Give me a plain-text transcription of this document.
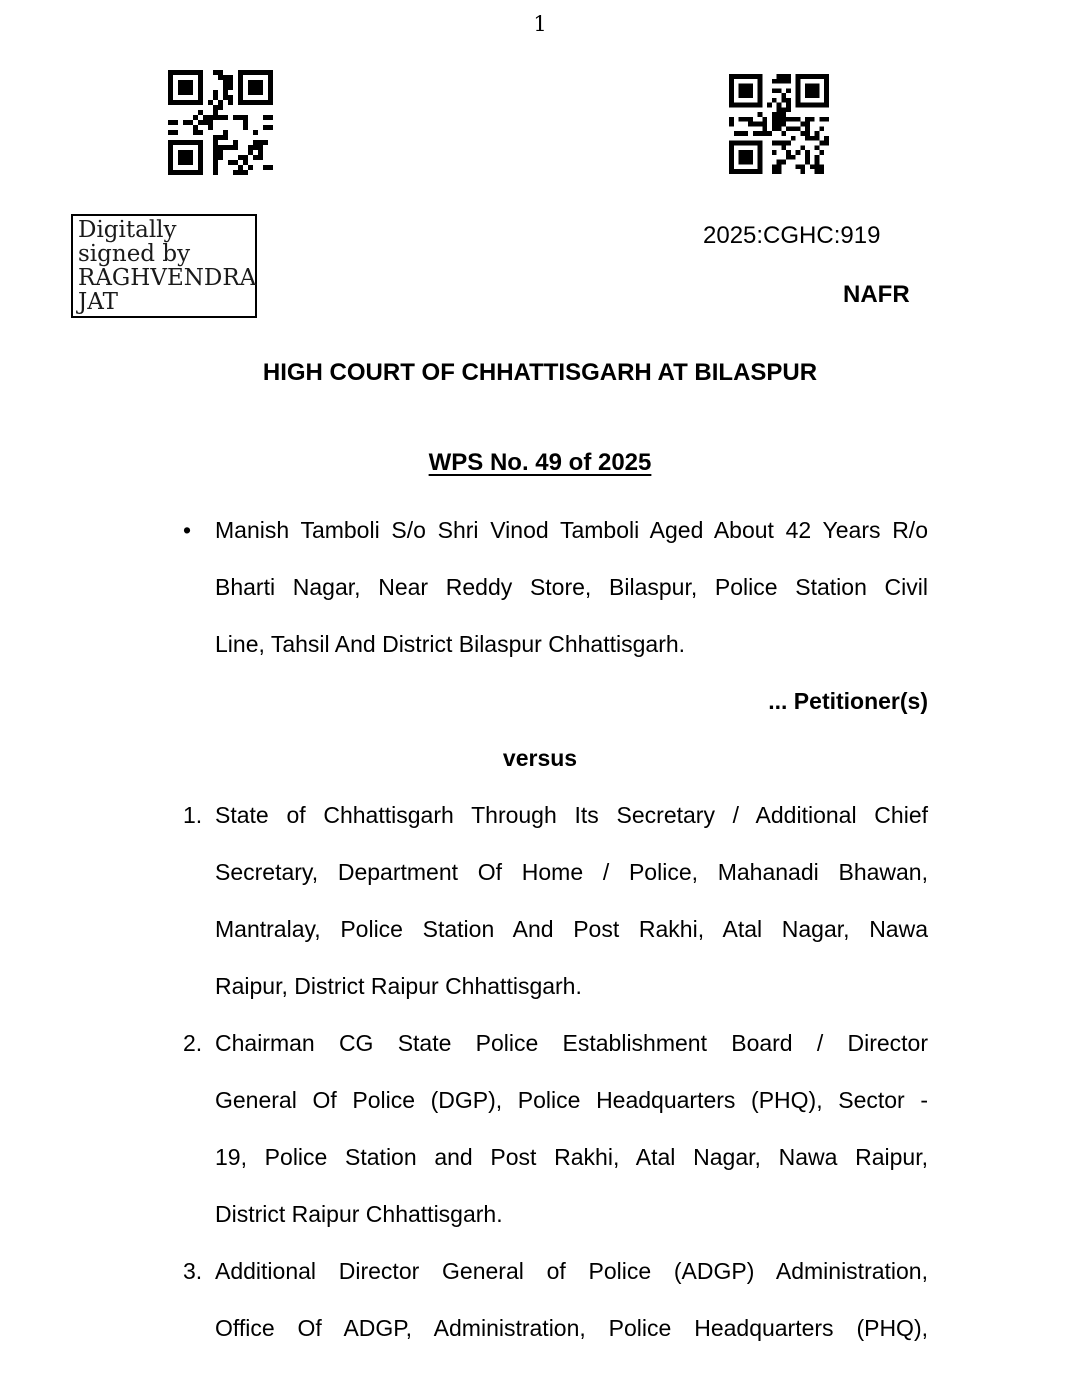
1
Digitally
signed by
RAGHVENDRA
JAT
2025:CGHC:919
NAFR
HIGH COURT OF CHHATTISGARH AT BILASPUR
WPS No. 49 of 2025
• Manish Tamboli S/o Shri Vinod Tamboli Aged About 42 Years R/o
Bharti Nagar, Near Reddy Store, Bilaspur, Police Station Civil
Line, Tahsil And District Bilaspur Chhattisgarh.
... Petitioner(s)
versus
1. State of Chhattisgarh Through Its Secretary / Additional Chief
Secretary, Department Of Home / Police, Mahanadi Bhawan,
Mantralay, Police Station And Post Rakhi, Atal Nagar, Nawa
Raipur, District Raipur Chhattisgarh.
2. Chairman CG State Police Establishment Board / Director
General Of Police (DGP), Police Headquarters (PHQ), Sector -
19, Police Station and Post Rakhi, Atal Nagar, Nawa Raipur,
District Raipur Chhattisgarh.
3. Additional Director General of Police (ADGP) Administration,
Office Of ADGP, Administration, Police Headquarters (PHQ),
